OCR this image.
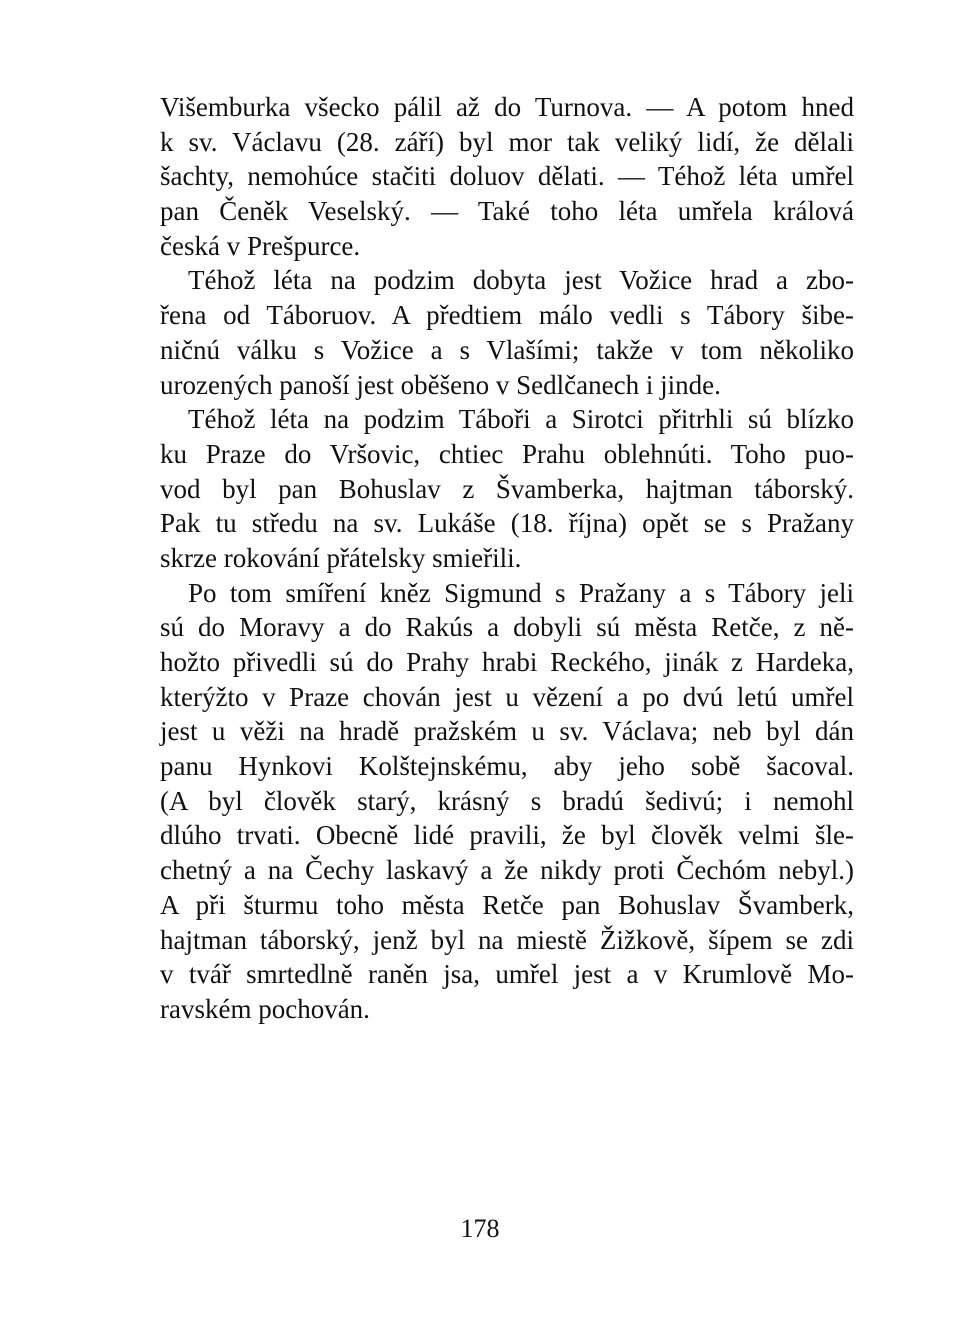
Višemburka všecko pálil až do Turnova. — A potom hned
k sv. Václavu (28. září) byl mor tak veliký lidí, že dělali
šachty, nemohúce stačiti doluov dělati. — Téhož léta umřel
pan Čeněk Veselský. — Také toho léta umřela králová
česká v Prešpurce.
Téhož léta na podzim dobyta jest Vožice hrad a zbo-
řena od Táboruov. A předtiem málo vedli s Tábory šibe-
ničnú válku s Vožice a s Vlašími; takže v tom několiko
urozených panoší jest oběšeno v Sedlčanech i jinde.
Téhož léta na podzim Táboři a Sirotci přitrhli sú blízko
ku Praze do Vršovic, chtiec Prahu oblehnúti. Toho puo-
vod byl pan Bohuslav z Švamberka, hajtman táborský.
Pak tu středu na sv. Lukáše (18. října) opět se s Pražany
skrze rokování přátelsky smieřili.
Po tom smíření kněz Sigmund s Pražany a s Tábory jeli
sú do Moravy a do Rakús a dobyli sú města Retče, z ně-
hožto přivedli sú do Prahy hrabi Reckého, jinák z Hardeka,
kterýžto v Praze chován jest u vězení a po dvú letú umřel
jest u věži na hradě pražském u sv. Václava; neb byl dán
panu Hynkovi Kolštejnskému, aby jeho sobě šacoval.
(A byl člověk starý, krásný s bradú šedivú; i nemohl
dlúho trvati. Obecně lidé pravili, že byl člověk velmi šle-
chetný a na Čechy laskavý a že nikdy proti Čechóm nebyl.)
A při šturmu toho města Retče pan Bohuslav Švamberk,
hajtman táborský, jenž byl na miestě Žižkově, šípem se zdi
v tvář smrtedlně raněn jsa, umřel jest a v Krumlově Mo-
ravském pochován.
178
